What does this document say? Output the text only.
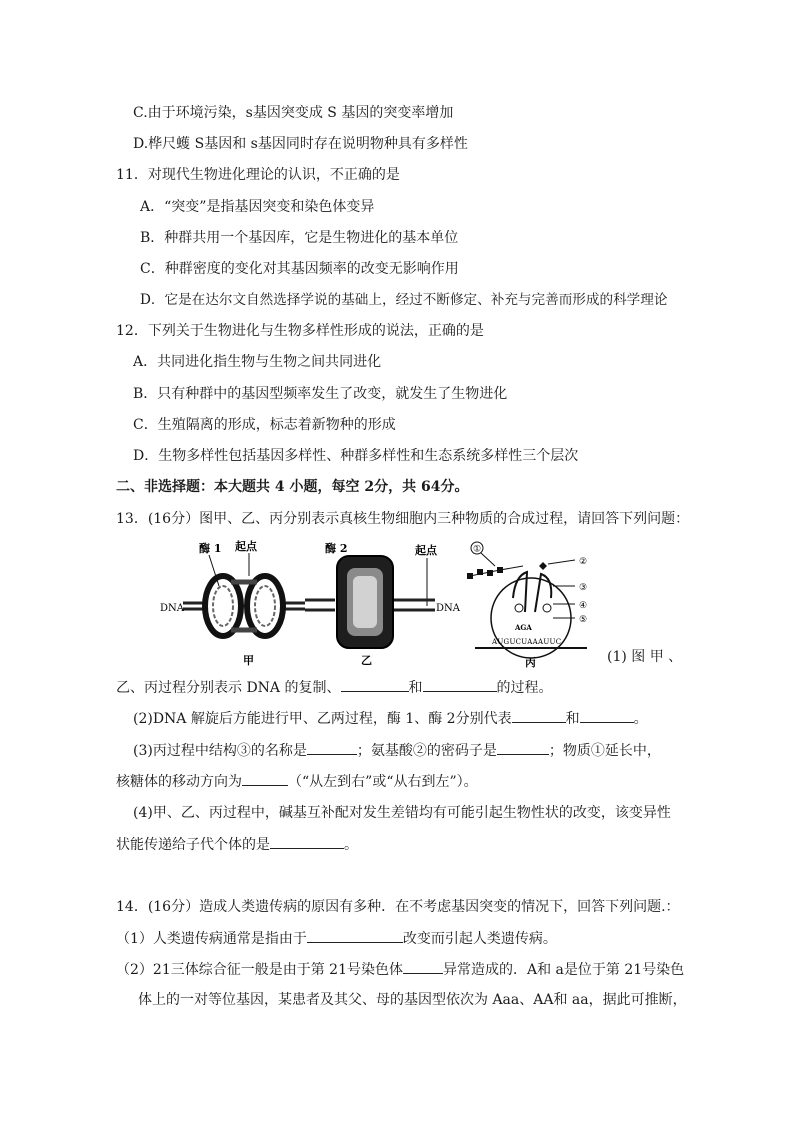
C.由于环境污染，s基因突变成 S 基因的突变率增加
D.桦尺蠖 S基因和 s基因同时存在说明物种具有多样性
11．对现代生物进化理论的认识，不正确的是
A．“突变”是指基因突变和染色体变异
B．种群共用一个基因库，它是生物进化的基本单位
C．种群密度的变化对其基因频率的改变无影响作用
D．它是在达尔文自然选择学说的基础上，经过不断修定、补充与完善而形成的科学理论
12．下列关于生物进化与生物多样性形成的说法，正确的是
A．共同进化指生物与生物之间共同进化
B．只有种群中的基因型频率发生了改变，就发生了生物进化
C．生殖隔离的形成，标志着新物种的形成
D．生物多样性包括基因多样性、种群多样性和生态系统多样性三个层次
二、非选择题：本大题共 4 小题，每空 2分，共 64分。
13．(16分）图甲、乙、丙分别表示真核生物细胞内三种物质的合成过程，请回答下列问题：
酶 1 起点
DNA
甲
酶 2	起点
DNA
乙
①
②
③
AGA
④
⑤
AUGUCUAAAUUC
丙	(1) 图 甲 、
乙、丙过程分别表示 DNA 的复制、	和	的过程。
(2)DNA 解旋后方能进行甲、乙两过程，酶 1、酶 2分别代表	和	。
(3)丙过程中结构③的名称是	；氨基酸②的密码子是	；物质①延长中，
核糖体的移动方向为	（“从左到右”或“从右到左”）。
(4)甲、乙、丙过程中，碱基互补配对发生差错均有可能引起生物性状的改变，该变异性
状能传递给子代个体的是	。
14．(16分）造成人类遗传病的原因有多种．在不考虑基因突变的情况下，回答下列问题.：
（1）人类遗传病通常是指由于	改变而引起人类遗传病。
（2）21三体综合征一般是由于第 21号染色体	异常造成的．A和 a是位于第 21号染色
体上的一对等位基因，某患者及其父、母的基因型依次为 Aaa、AA和 aa，据此可推断，
